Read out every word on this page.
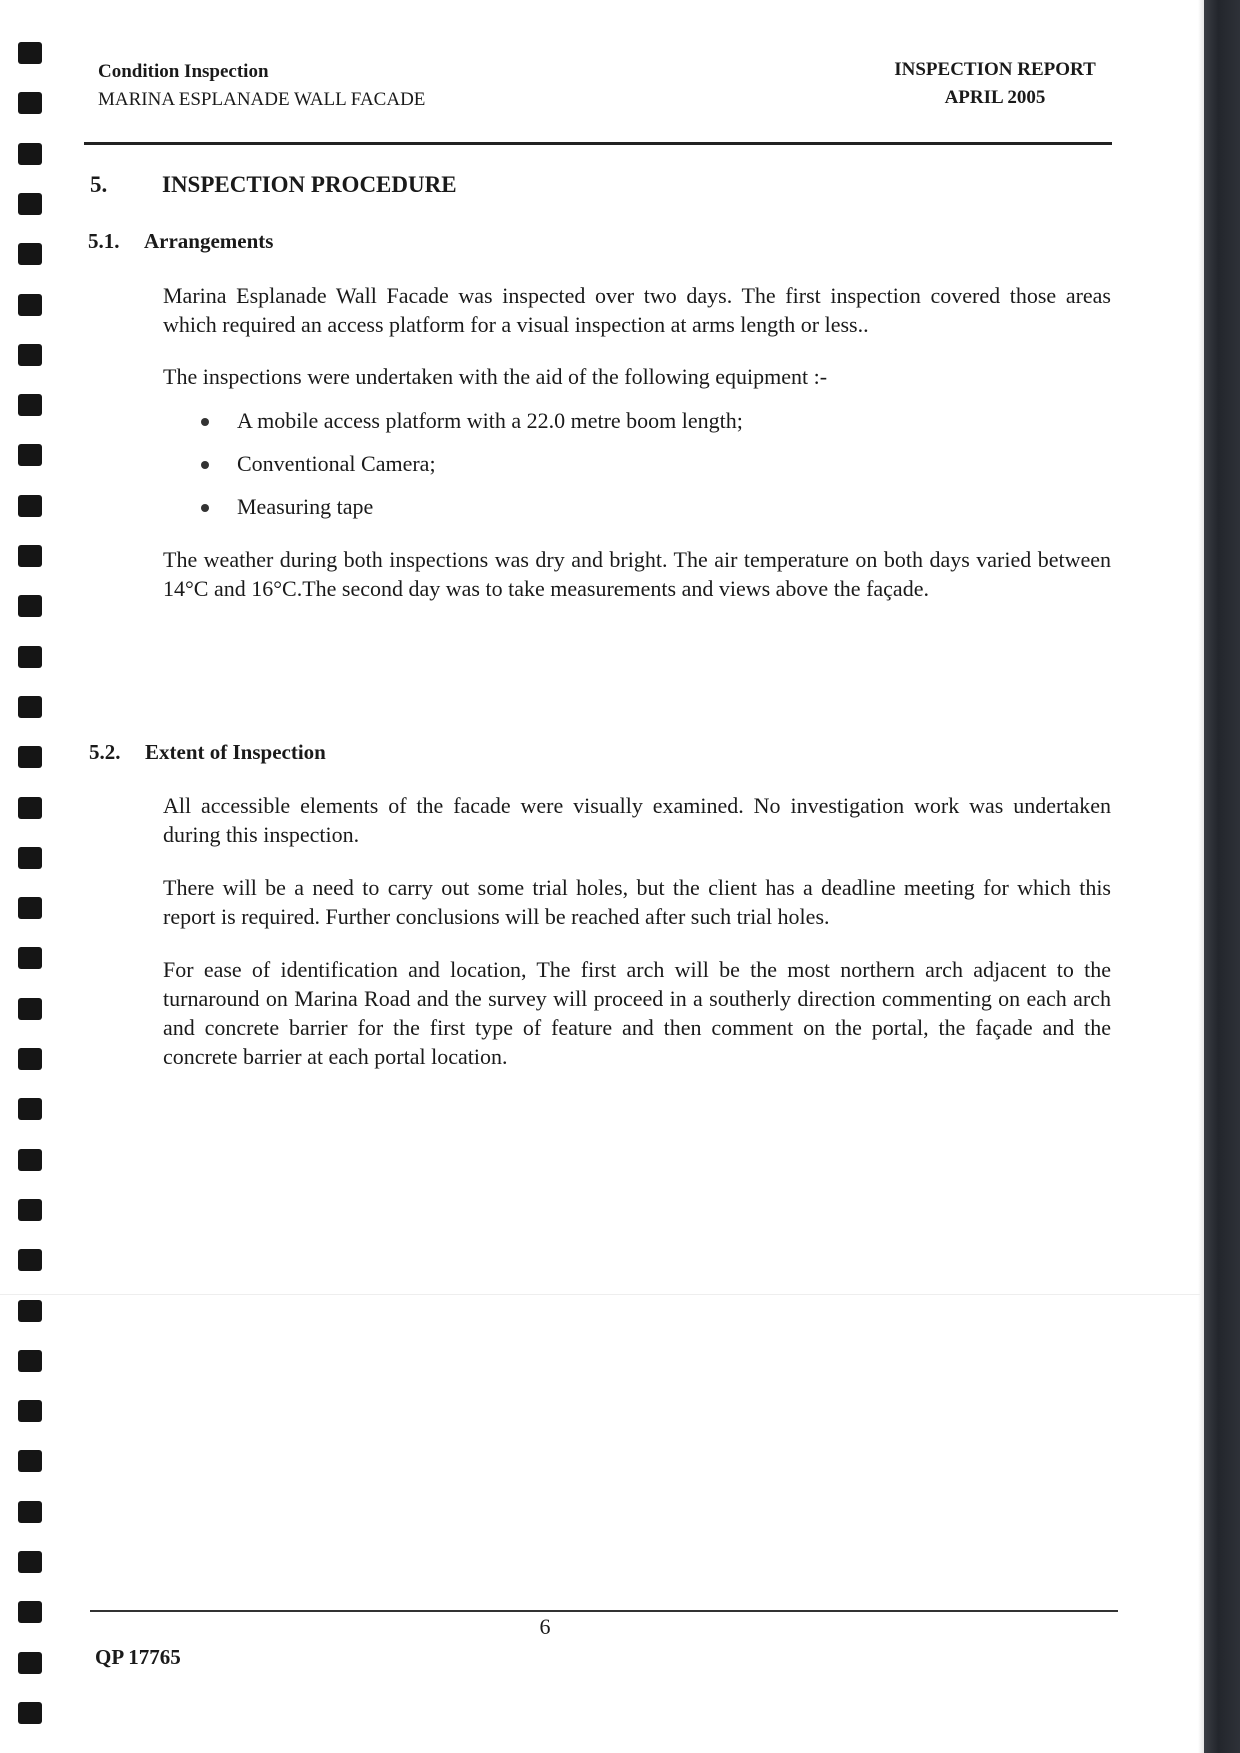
Condition Inspection
MARINA ESPLANADE WALL FACADE
INSPECTION REPORT
APRIL 2005
5. INSPECTION PROCEDURE
5.1. Arrangements

Marina Esplanade Wall Facade was inspected over two days. The first inspection covered those areas which required an access platform for a visual inspection at arms length or less..

The inspections were undertaken with the aid of the following equipment :-

A mobile access platform with a 22.0 metre boom length;
Conventional Camera;
Measuring tape

The weather during both inspections was dry and bright. The air temperature on both days varied between 14°C and 16°C.The second day was to take measurements and views above the façade.

5.2. Extent of Inspection

All accessible elements of the facade were visually examined. No investigation work was undertaken during this inspection.

There will be a need to carry out some trial holes, but the client has a deadline meeting for which this report is required. Further conclusions will be reached after such trial holes.

For ease of identification and location, The first arch will be the most northern arch adjacent to the turnaround on Marina Road and the survey will proceed in a southerly direction commenting on each arch and concrete barrier for the first type of feature and then comment on the portal, the façade and the concrete barrier at each portal location.

6
QP 17765
